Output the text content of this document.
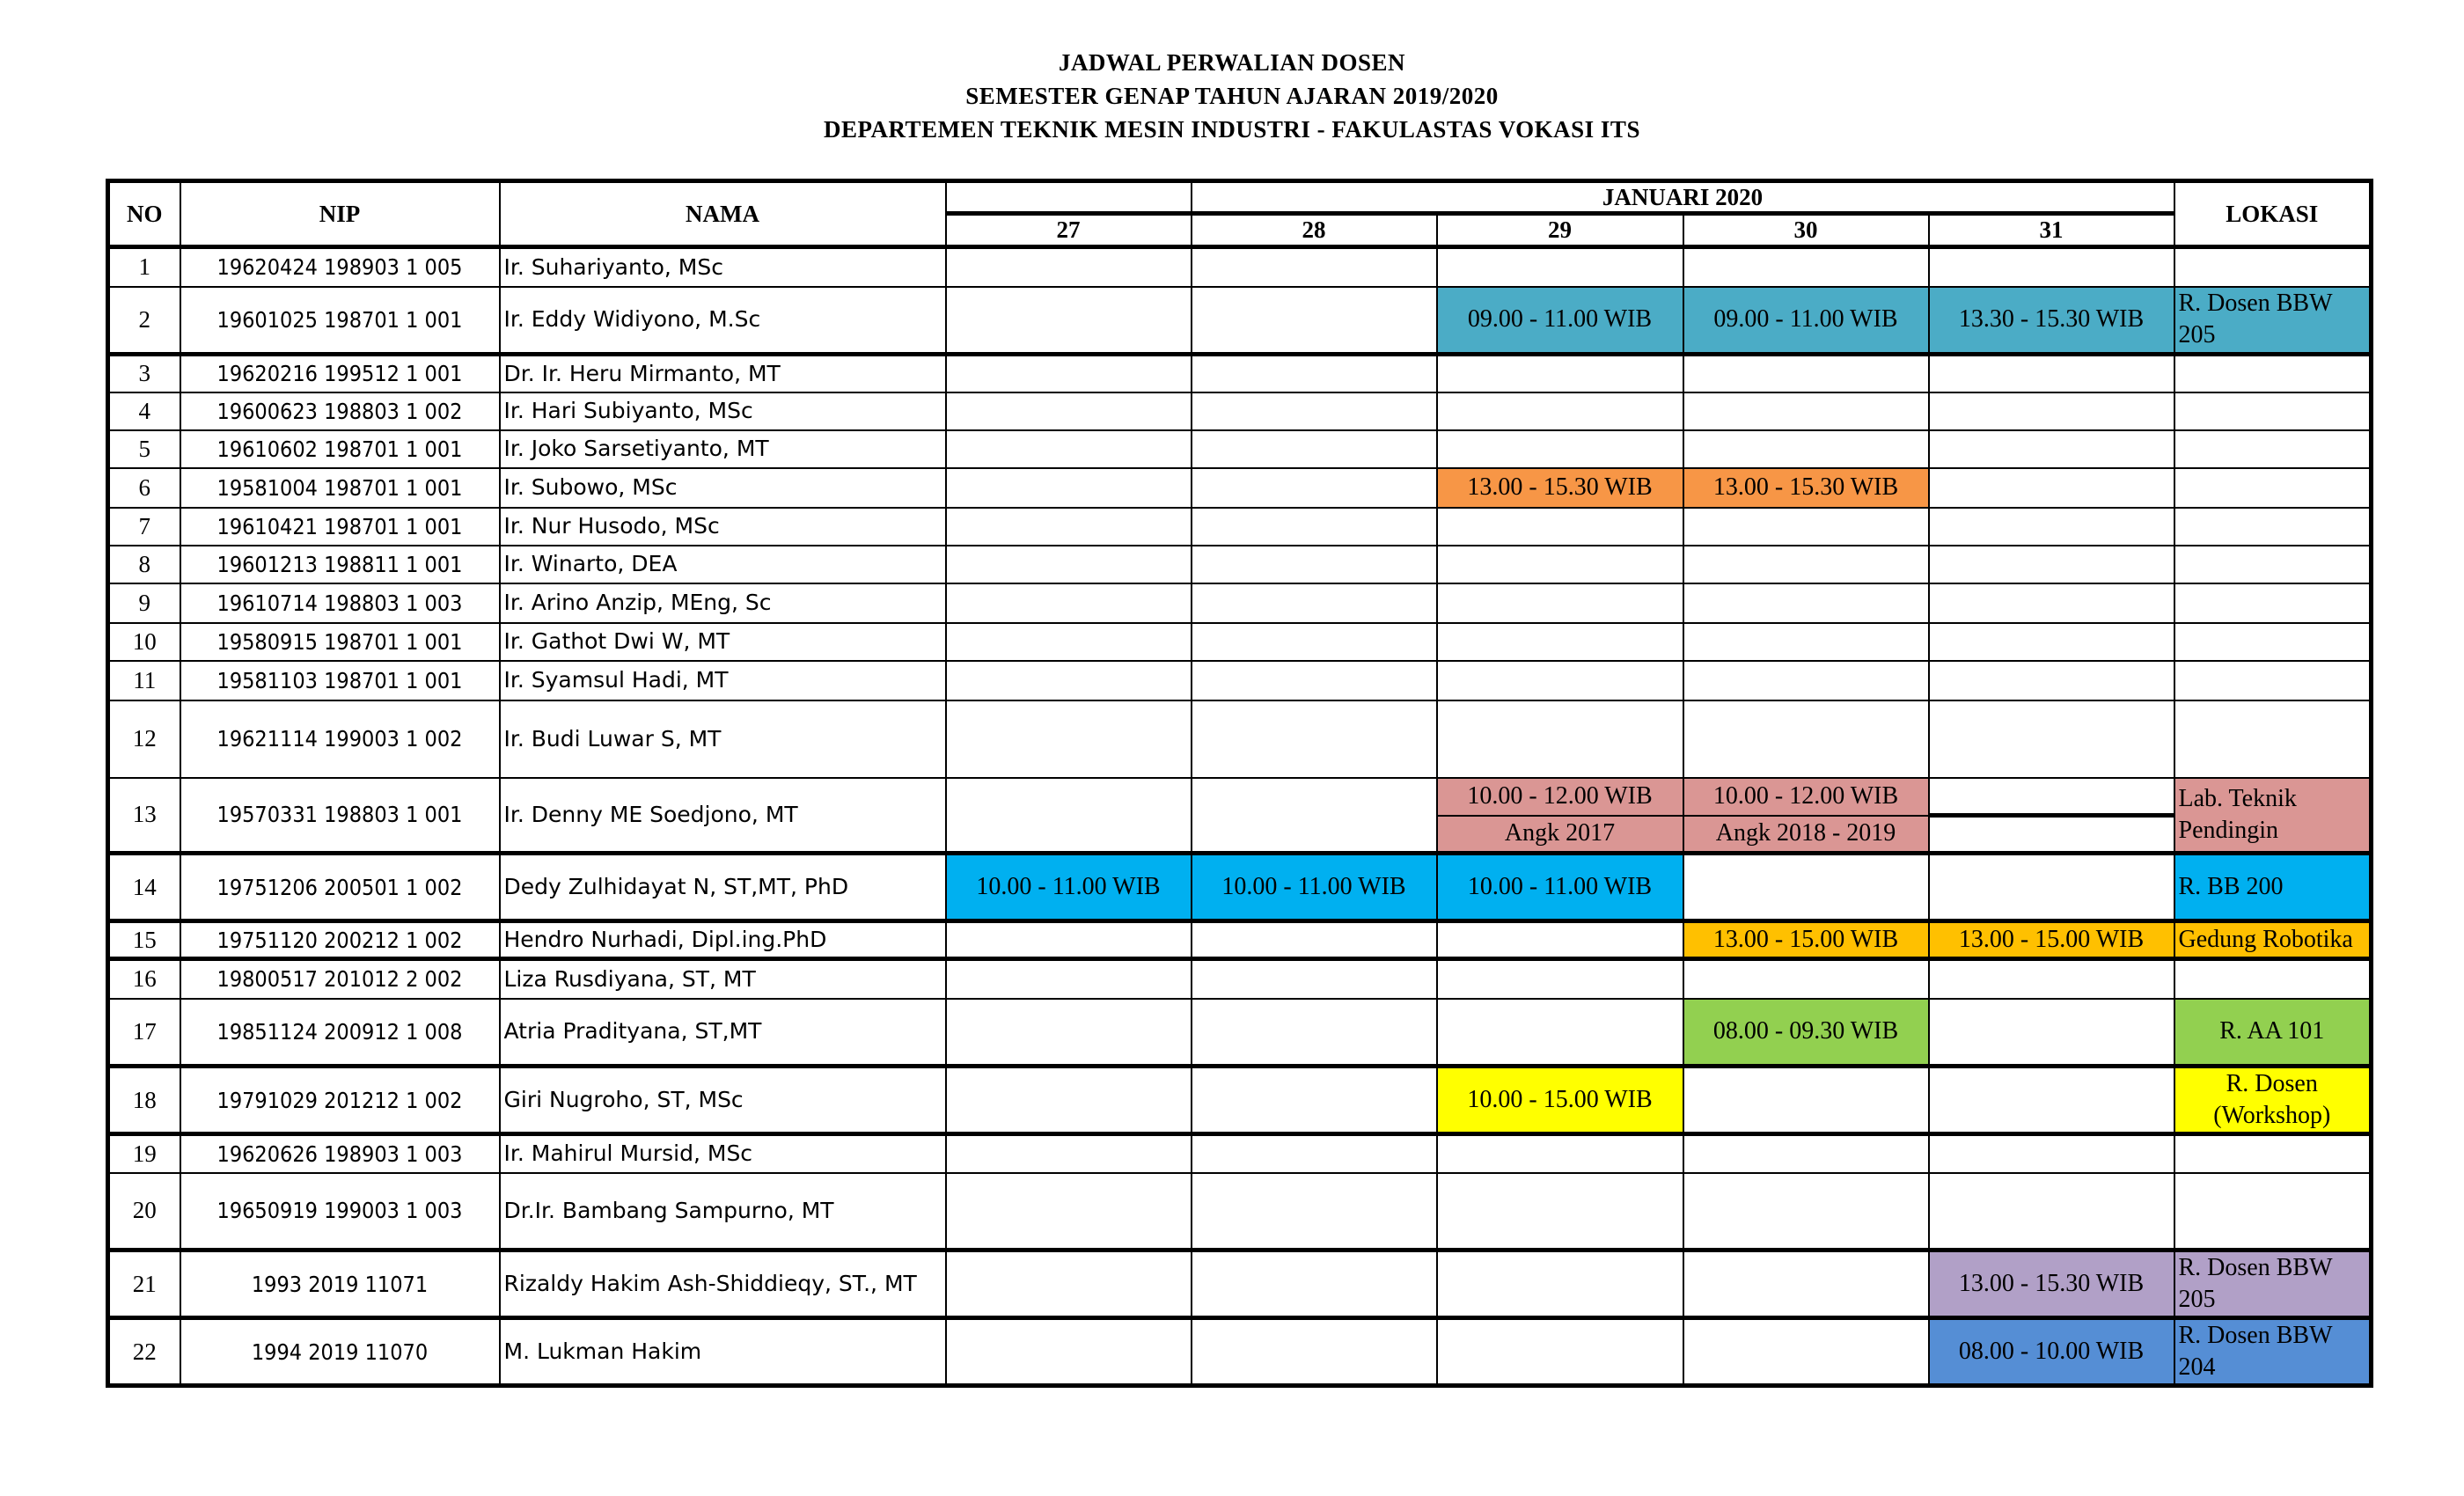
JADWAL PERWALIAN DOSEN
SEMESTER GENAP TAHUN AJARAN 2019/2020
DEPARTEMEN TEKNIK MESIN INDUSTRI - FAKULASTAS VOKASI ITS
NO	NIP	NAMA		JANUARI 2020				LOKASI
			27	28	29	30	31	
1	19620424 198903 1 005	Ir. Suhariyanto, MSc						
2	19601025 198701 1 001	Ir. Eddy Widiyono, M.Sc			09.00 - 11.00 WIB	09.00 - 11.00 WIB	13.30 - 15.30 WIB	R. Dosen BBW 205
3	19620216 199512 1 001	Dr. Ir. Heru Mirmanto, MT						
4	19600623 198803 1 002	Ir. Hari Subiyanto, MSc						
5	19610602 198701 1 001	Ir. Joko Sarsetiyanto, MT						
6	19581004 198701 1 001	Ir. Subowo, MSc			13.00 - 15.30 WIB	13.00 - 15.30 WIB		
7	19610421 198701 1 001	Ir. Nur Husodo, MSc						
8	19601213 198811 1 001	Ir. Winarto, DEA						
9	19610714 198803 1 003	Ir. Arino Anzip, MEng, Sc						
10	19580915 198701 1 001	Ir. Gathot Dwi W, MT						
11	19581103 198701 1 001	Ir. Syamsul Hadi, MT						
12	19621114 199003 1 002	Ir. Budi Luwar S, MT						
13	19570331 198803 1 001	Ir. Denny ME Soedjono, MT			10.00 - 12.00 WIB	10.00 - 12.00 WIB		Lab. Teknik Pendingin
					Angk 2017	Angk 2018 - 2019		
14	19751206 200501 1 002	Dedy Zulhidayat N, ST,MT, PhD	10.00 - 11.00 WIB	10.00 - 11.00 WIB	10.00 - 11.00 WIB			R. BB 200
15	19751120 200212 1 002	Hendro Nurhadi, Dipl.ing.PhD				13.00 - 15.00 WIB	13.00 - 15.00 WIB	Gedung Robotika
16	19800517 201012 2 002	Liza Rusdiyana, ST, MT						
17	19851124 200912 1 008	Atria Pradityana, ST,MT				08.00 - 09.30 WIB		R. AA 101
18	19791029 201212 1 002	Giri Nugroho, ST, MSc			10.00 - 15.00 WIB			R. Dosen (Workshop)
19	19620626 198903 1 003	Ir. Mahirul Mursid, MSc						
20	19650919 199003 1 003	Dr.Ir. Bambang Sampurno, MT						
21	1993 2019 11071	Rizaldy Hakim Ash-Shiddieqy, ST., MT					13.00 - 15.30 WIB	R. Dosen BBW 205
22	1994 2019 11070	M. Lukman Hakim					08.00 - 10.00 WIB	R. Dosen BBW 204
